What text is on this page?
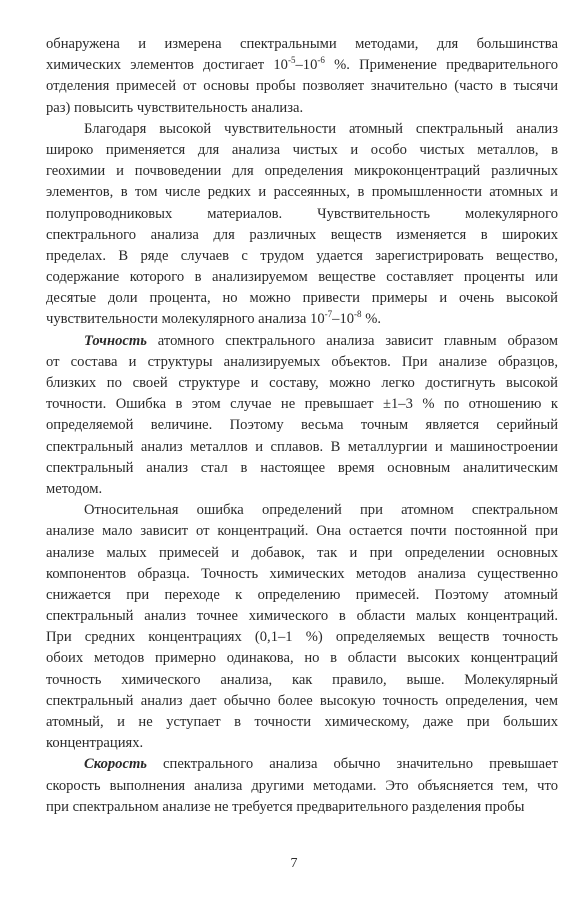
обнаружена и измерена спектральными методами, для большинства
химических элементов достигает $10^{-5}-10^{-6}$ %. Применение предварительного
отделения примесей от основы пробы позволяет значительно (часто в тысячи
раз) повысить чувствительность анализа.
Благодаря высокой чувствительности атомный спектральный анализ
широко применяется для анализа чистых и особо чистых металлов, в
геохимии и почвоведении для определения микроконцентраций различных
элементов, в том числе редких и рассеянных, в промышленности атомных и
полупроводниковых материалов. Чувствительность молекулярного
спектрального анализа для различных веществ изменяется в широких
пределах. В ряде случаев с трудом удается зарегистрировать вещество,
содержание которого в анализируемом веществе составляет проценты или
десятые доли процента, но можно привести примеры и очень высокой
чувствительности молекулярного анализа $10^{-7}-10^{-8}$ %.
Точность атомного спектрального анализа зависит главным образом
от состава и структуры анализируемых объектов. При анализе образцов,
близких по своей структуре и составу, можно легко достигнуть высокой
точности. Ошибка в этом случае не превышает ±1–3 % по отношению к
определяемой величине. Поэтому весьма точным является серийный
спектральный анализ металлов и сплавов. В металлургии и машиностроении
спектральный анализ стал в настоящее время основным аналитическим
методом.
Относительная ошибка определений при атомном спектральном
анализе мало зависит от концентраций. Она остается почти постоянной при
анализе малых примесей и добавок, так и при определении основных
компонентов образца. Точность химических методов анализа существенно
снижается при переходе к определению примесей. Поэтому атомный
спектральный анализ точнее химического в области малых концентраций.
При средних концентрациях (0,1–1 %) определяемых веществ точность
обоих методов примерно одинакова, но в области высоких концентраций
точность химического анализа, как правило, выше. Молекулярный
спектральный анализ дает обычно более высокую точность определения, чем
атомный, и не уступает в точности химическому, даже при больших
концентрациях.
Скорость спектрального анализа обычно значительно превышает
скорость выполнения анализа другими методами. Это объясняется тем, что
при спектральном анализе не требуется предварительного разделения пробы
7
